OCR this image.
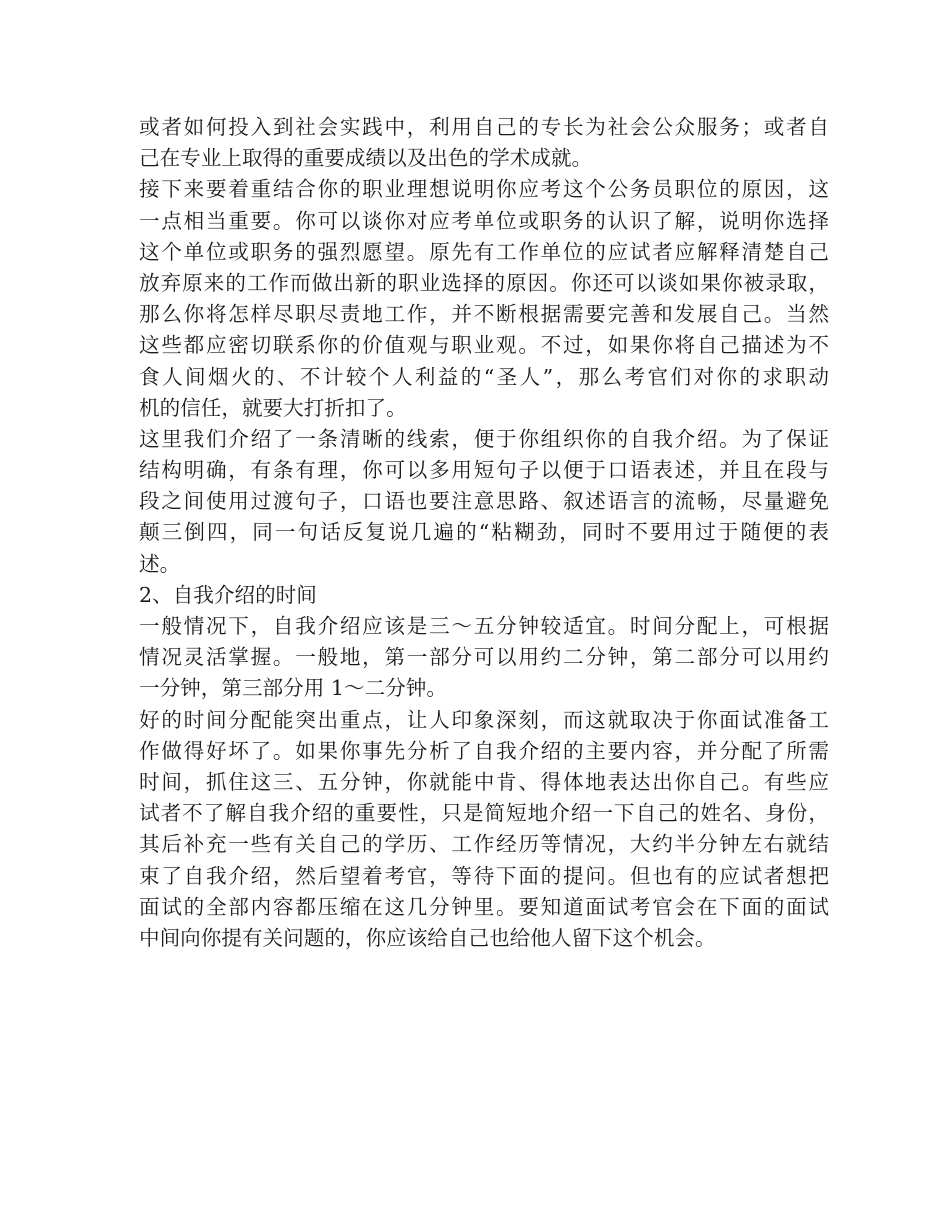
或者如何投入到社会实践中，利用自己的专长为社会公众服务；或者自
己在专业上取得的重要成绩以及出色的学术成就。
接下来要着重结合你的职业理想说明你应考这个公务员职位的原因，这
一点相当重要。你可以谈你对应考单位或职务的认识了解，说明你选择
这个单位或职务的强烈愿望。原先有工作单位的应试者应解释清楚自己
放弃原来的工作而做出新的职业选择的原因。你还可以谈如果你被录取，
那么你将怎样尽职尽责地工作，并不断根据需要完善和发展自己。当然
这些都应密切联系你的价值观与职业观。不过，如果你将自己描述为不
食人间烟火的、不计较个人利益的“圣人”，那么考官们对你的求职动
机的信任，就要大打折扣了。
这里我们介绍了一条清晰的线索，便于你组织你的自我介绍。为了保证
结构明确，有条有理，你可以多用短句子以便于口语表述，并且在段与
段之间使用过渡句子，口语也要注意思路、叙述语言的流畅，尽量避免
颠三倒四，同一句话反复说几遍的“粘糊劲，同时不要用过于随便的表
述。
2、自我介绍的时间
一般情况下，自我介绍应该是三～五分钟较适宜。时间分配上，可根据
情况灵活掌握。一般地，第一部分可以用约二分钟，第二部分可以用约
一分钟，第三部分用 1～二分钟。
好的时间分配能突出重点，让人印象深刻，而这就取决于你面试准备工
作做得好坏了。如果你事先分析了自我介绍的主要内容，并分配了所需
时间，抓住这三、五分钟，你就能中肯、得体地表达出你自己。有些应
试者不了解自我介绍的重要性，只是简短地介绍一下自己的姓名、身份，
其后补充一些有关自己的学历、工作经历等情况，大约半分钟左右就结
束了自我介绍，然后望着考官，等待下面的提问。但也有的应试者想把
面试的全部内容都压缩在这几分钟里。要知道面试考官会在下面的面试
中间向你提有关问题的，你应该给自己也给他人留下这个机会。
